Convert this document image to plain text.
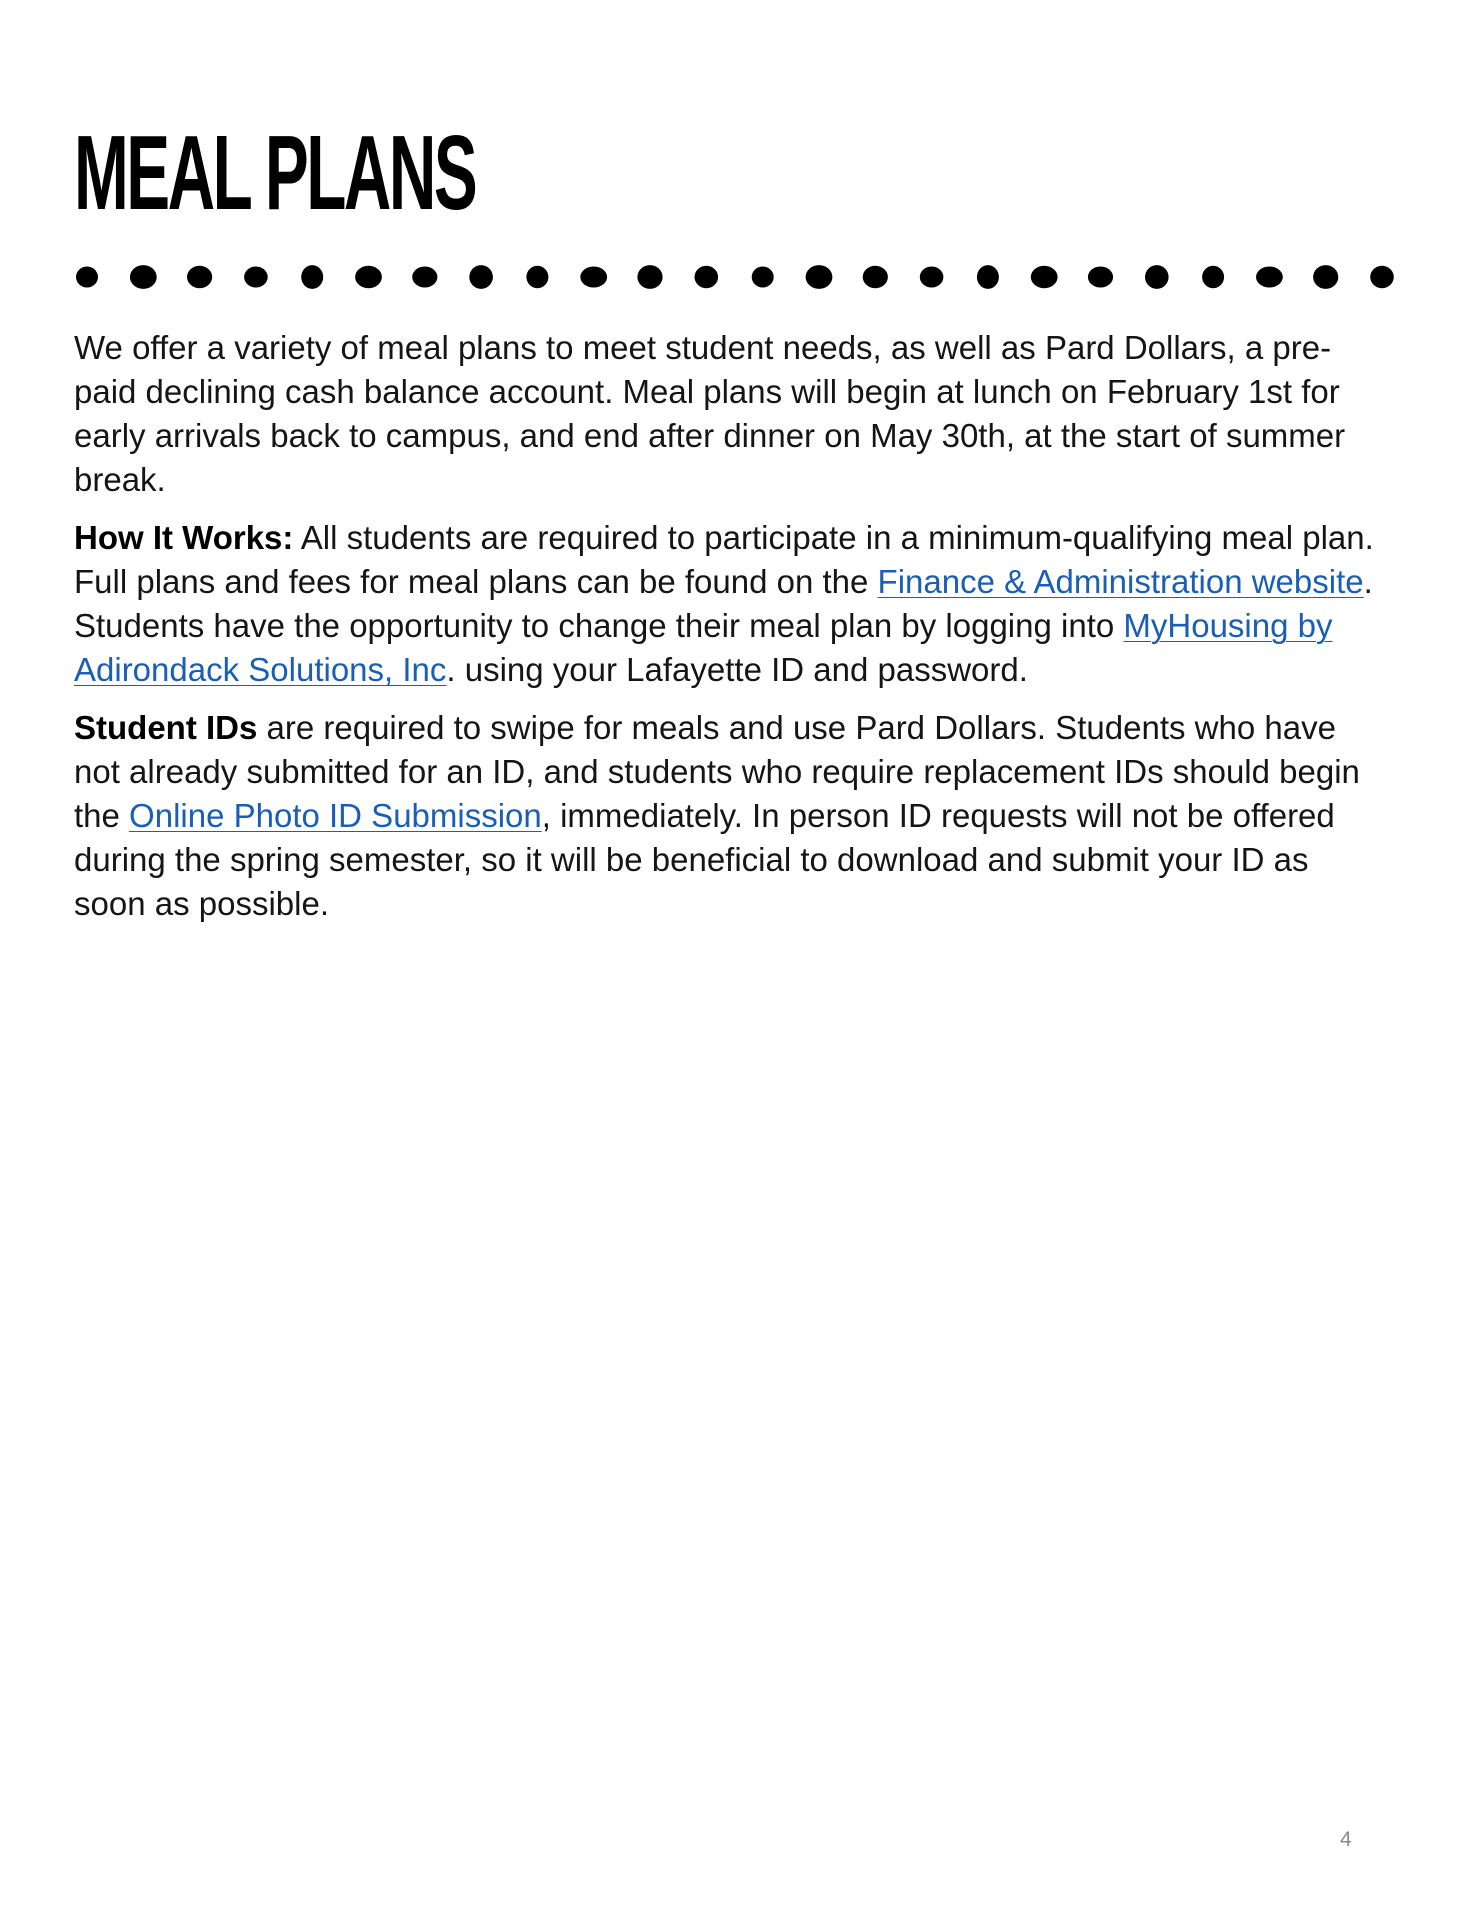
MEAL PLANS

We offer a variety of meal plans to meet student needs, as well as Pard Dollars, a pre-paid declining cash balance account. Meal plans will begin at lunch on February 1st for early arrivals back to campus, and end after dinner on May 30th, at the start of summer break.

How It Works: All students are required to participate in a minimum-qualifying meal plan. Full plans and fees for meal plans can be found on the Finance & Administration website. Students have the opportunity to change their meal plan by logging into MyHousing by Adirondack Solutions, Inc. using your Lafayette ID and password.

Student IDs are required to swipe for meals and use Pard Dollars. Students who have not already submitted for an ID, and students who require replacement IDs should begin the Online Photo ID Submission, immediately. In person ID requests will not be offered during the spring semester, so it will be beneficial to download and submit your ID as soon as possible.

4
